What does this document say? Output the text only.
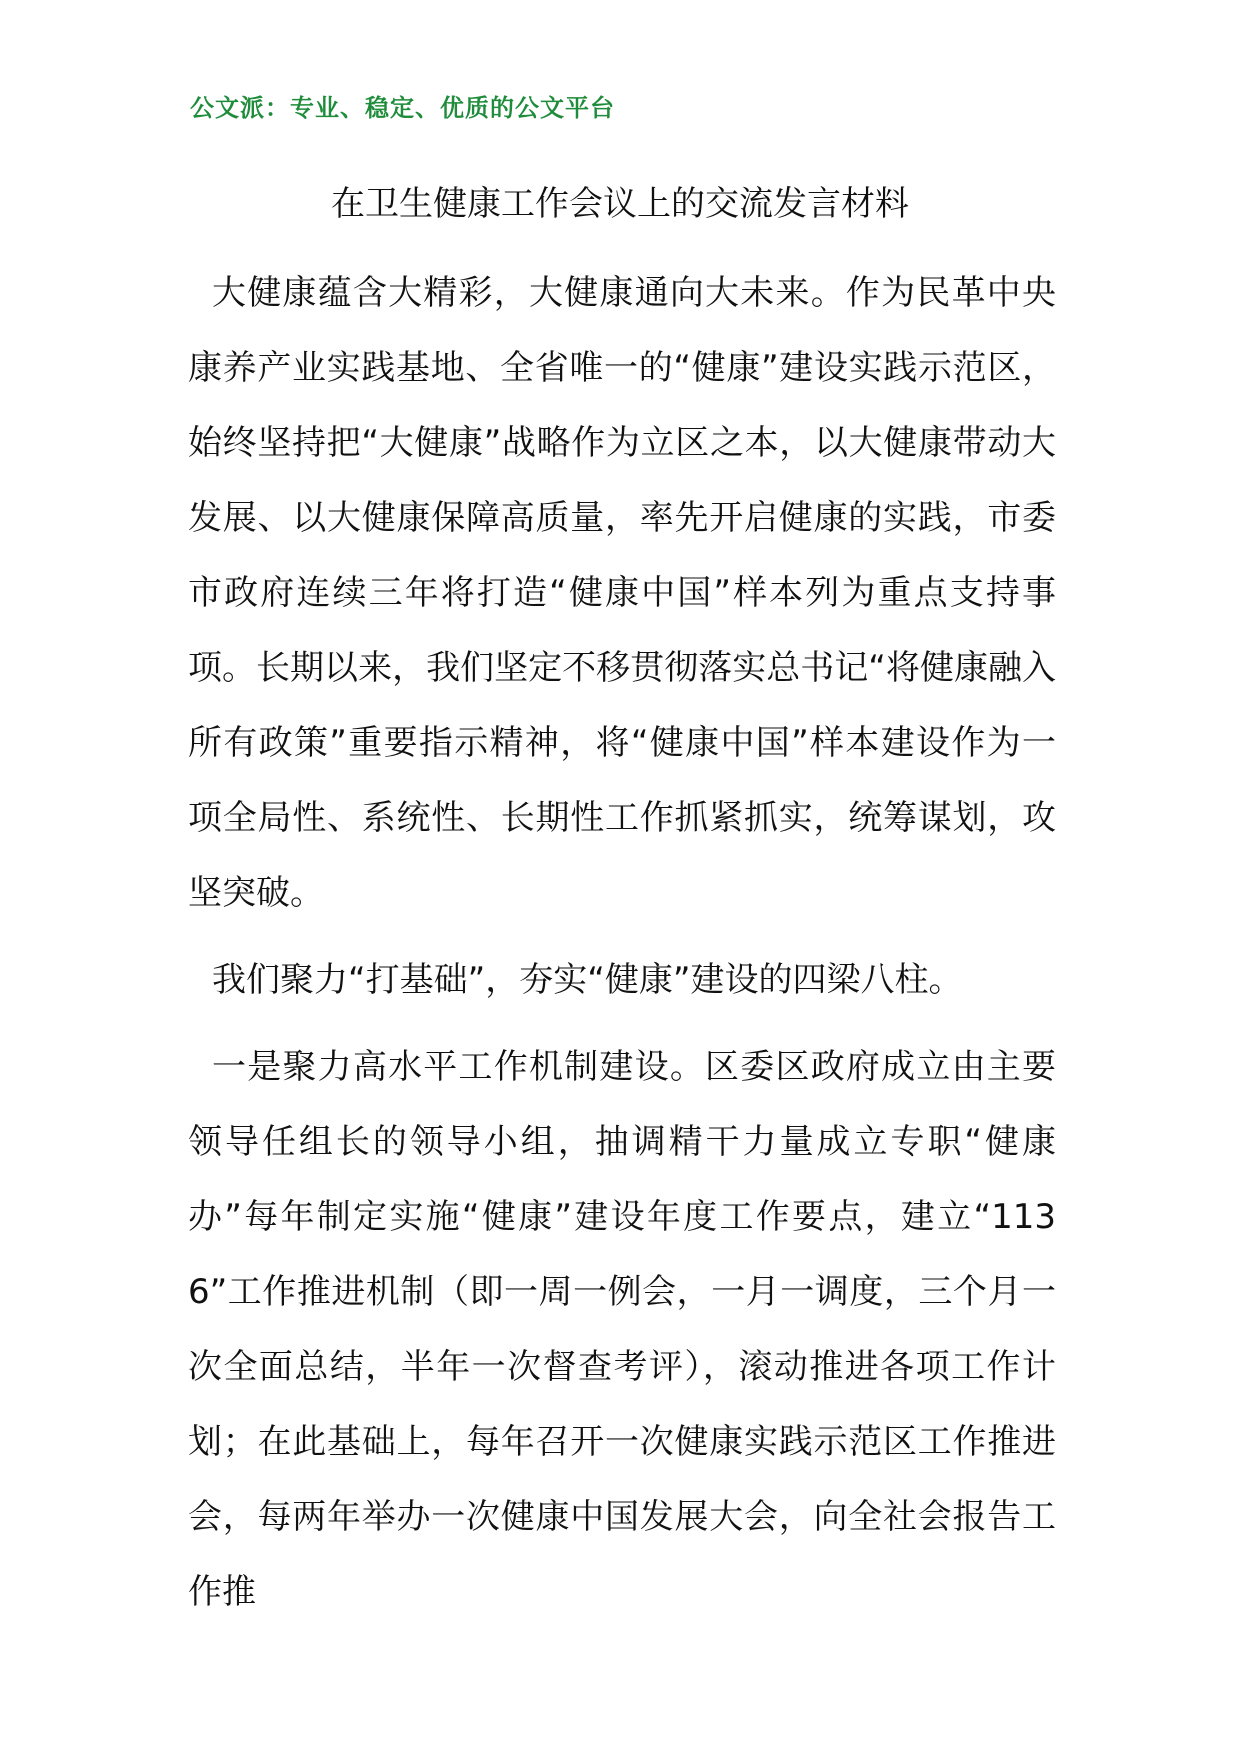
公文派：专业、稳定、优质的公文平台
在卫生健康工作会议上的交流发言材料

大健康蕴含大精彩，大健康通向大未来。作为民革中央康养产业实践基地、全省唯一的“健康”建设实践示范区，始终坚持把“大健康”战略作为立区之本，以大健康带动大发展、以大健康保障高质量，率先开启健康的实践，市委市政府连续三年将打造“健康中国”样本列为重点支持事项。长期以来，我们坚定不移贯彻落实总书记“将健康融入所有政策”重要指示精神，将“健康中国”样本建设作为一项全局性、系统性、长期性工作抓紧抓实，统筹谋划，攻坚突破。

我们聚力“打基础”，夯实“健康”建设的四梁八柱。

一是聚力高水平工作机制建设。区委区政府成立由主要领导任组长的领导小组，抽调精干力量成立专职“健康办”每年制定实施“健康”建设年度工作要点，建立“1136”工作推进机制（即一周一例会，一月一调度，三个月一次全面总结，半年一次督查考评），滚动推进各项工作计划；在此基础上，每年召开一次健康实践示范区工作推进会，每两年举办一次健康中国发展大会，向全社会报告工作推
